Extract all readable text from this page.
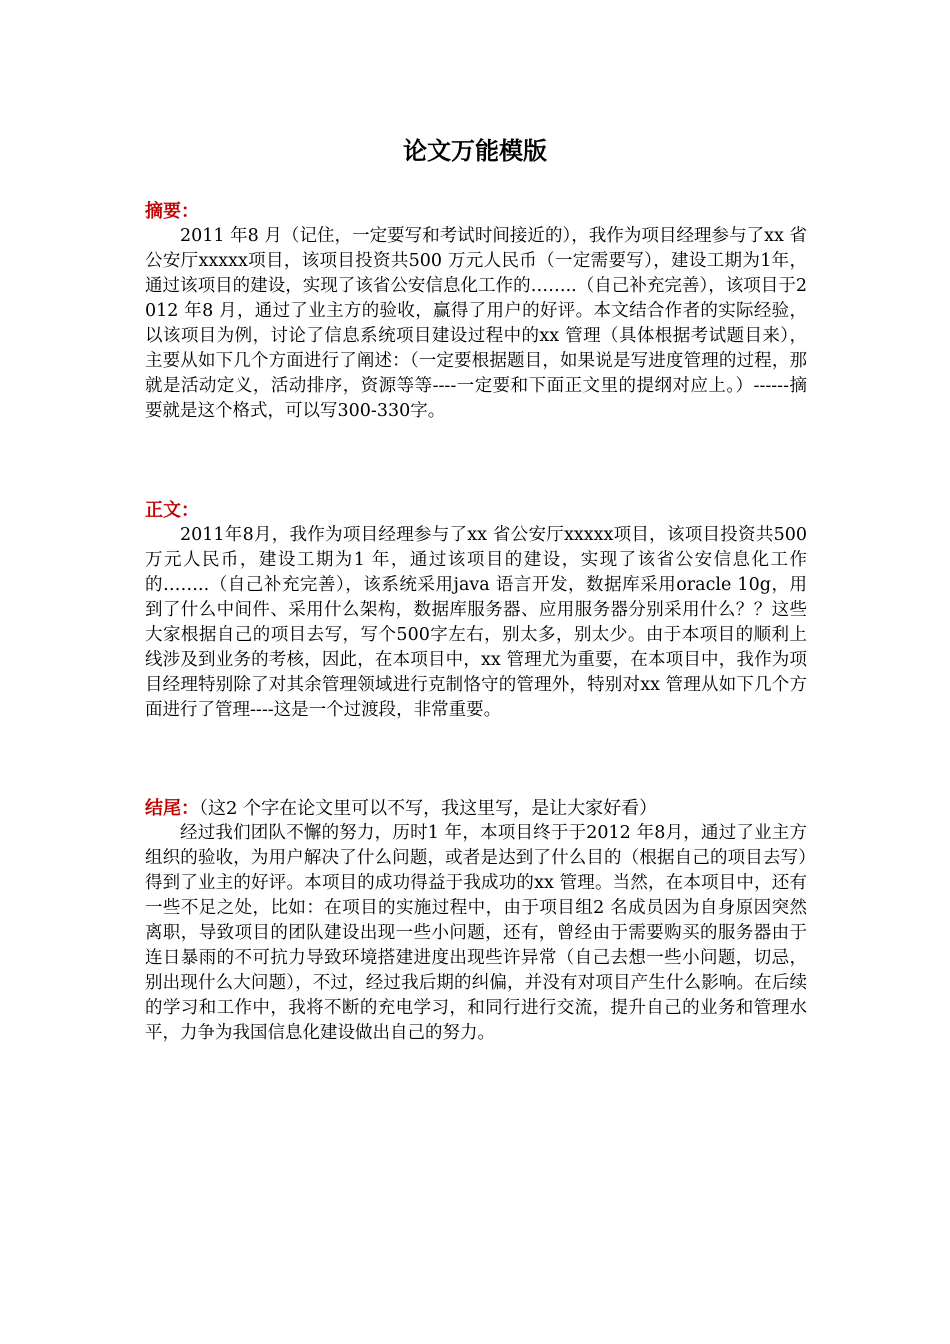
论文万能模版
摘要：

2011 年8 月（记住，一定要写和考试时间接近的），我作为项目经理参与了xx 省公安厅xxxxx项目，该项目投资共500 万元人民币（一定需要写），建设工期为1年，通过该项目的建设，实现了该省公安信息化工作的……..（自己补充完善），该项目于2012 年8 月，通过了业主方的验收，赢得了用户的好评。本文结合作者的实际经验，以该项目为例，讨论了信息系统项目建设过程中的xx 管理（具体根据考试题目来），主要从如下几个方面进行了阐述：（一定要根据题目，如果说是写进度管理的过程，那就是活动定义，活动排序，资源等等----一定要和下面正文里的提纲对应上。）------摘要就是这个格式，可以写300-330字。

正文：

2011年8月，我作为项目经理参与了xx 省公安厅xxxxx项目，该项目投资共500万元人民币，建设工期为1 年，通过该项目的建设，实现了该省公安信息化工作的……..（自己补充完善），该系统采用java 语言开发，数据库采用oracle 10g，用到了什么中间件、采用什么架构，数据库服务器、应用服务器分别采用什么？？这些大家根据自己的项目去写，写个500字左右，别太多，别太少。由于本项目的顺利上线涉及到业务的考核，因此，在本项目中，xx 管理尤为重要，在本项目中，我作为项目经理特别除了对其余管理领域进行克制恪守的管理外，特别对xx 管理从如下几个方面进行了管理----这是一个过渡段，非常重要。

结尾：（这2 个字在论文里可以不写，我这里写，是让大家好看）

经过我们团队不懈的努力，历时1 年，本项目终于于2012 年8月，通过了业主方组织的验收，为用户解决了什么问题，或者是达到了什么目的（根据自己的项目去写）得到了业主的好评。本项目的成功得益于我成功的xx 管理。当然，在本项目中，还有一些不足之处，比如：在项目的实施过程中，由于项目组2 名成员因为自身原因突然离职，导致项目的团队建设出现一些小问题，还有，曾经由于需要购买的服务器由于连日暴雨的不可抗力导致环境搭建进度出现些许异常（自己去想一些小问题，切忌，别出现什么大问题），不过，经过我后期的纠偏，并没有对项目产生什么影响。在后续的学习和工作中，我将不断的充电学习，和同行进行交流，提升自己的业务和管理水平，力争为我国信息化建设做出自己的努力。
